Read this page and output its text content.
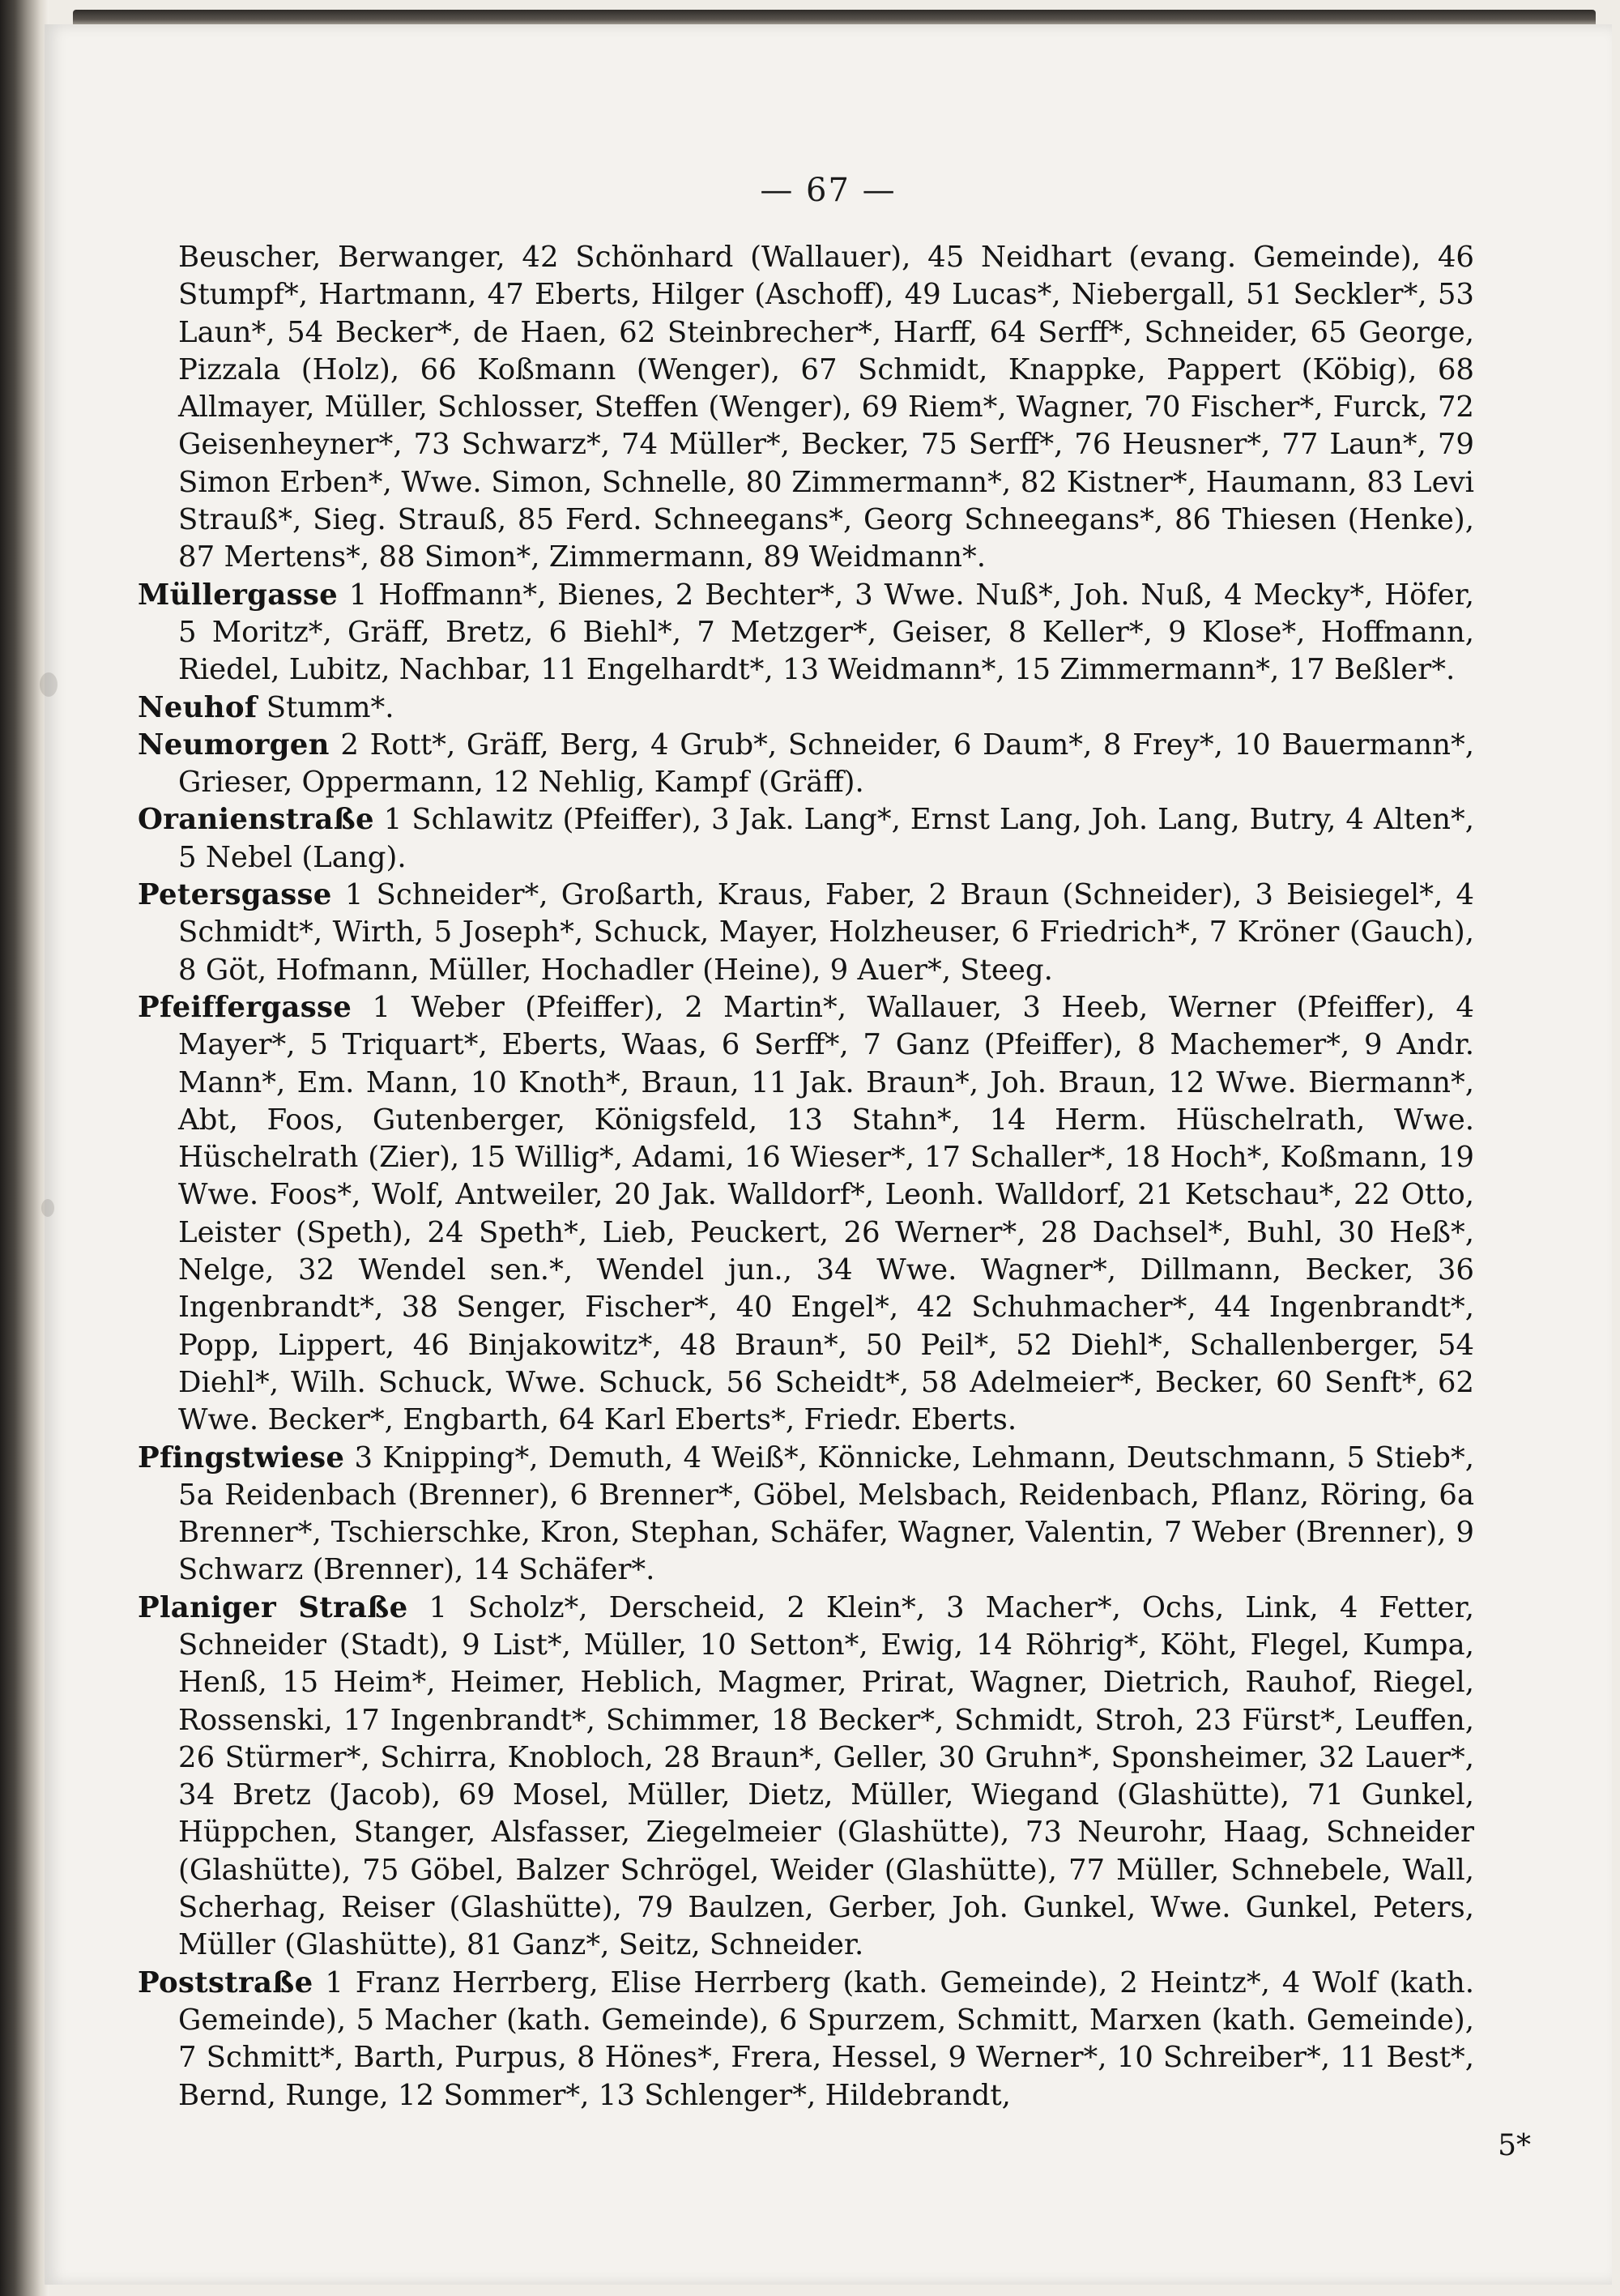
— 67 —

Beuscher, Berwanger, 42 Schönhard (Wallauer), 45 Neidhart (evang. Gemeinde), 46 Stumpf*, Hartmann, 47 Eberts, Hilger (Aschoff), 49 Lucas*, Niebergall, 51 Seckler*, 53 Laun*, 54 Becker*, de Haen, 62 Steinbrecher*, Harff, 64 Serff*, Schneider, 65 George, Pizzala (Holz), 66 Koßmann (Wenger), 67 Schmidt, Knappke, Pappert (Köbig), 68 Allmayer, Müller, Schlosser, Steffen (Wenger), 69 Riem*, Wagner, 70 Fischer*, Furck, 72 Geisenheyner*, 73 Schwarz*, 74 Müller*, Becker, 75 Serff*, 76 Heusner*, 77 Laun*, 79 Simon Erben*, Wwe. Simon, Schnelle, 80 Zimmermann*, 82 Kistner*, Haumann, 83 Levi Strauß*, Sieg. Strauß, 85 Ferd. Schneegans*, Georg Schneegans*, 86 Thiesen (Henke), 87 Mertens*, 88 Simon*, Zimmermann, 89 Weidmann*.

Müllergasse 1 Hoffmann*, Bienes, 2 Bechter*, 3 Wwe. Nuß*, Joh. Nuß, 4 Mecky*, Höfer, 5 Moritz*, Gräff, Bretz, 6 Biehl*, 7 Metzger*, Geiser, 8 Keller*, 9 Klose*, Hoffmann, Riedel, Lubitz, Nachbar, 11 Engelhardt*, 13 Weidmann*, 15 Zimmermann*, 17 Beßler*.

Neuhof Stumm*.

Neumorgen 2 Rott*, Gräff, Berg, 4 Grub*, Schneider, 6 Daum*, 8 Frey*, 10 Bauermann*, Grieser, Oppermann, 12 Nehlig, Kampf (Gräff).

Oranienstraße 1 Schlawitz (Pfeiffer), 3 Jak. Lang*, Ernst Lang, Joh. Lang, Butry, 4 Alten*, 5 Nebel (Lang).

Petersgasse 1 Schneider*, Großarth, Kraus, Faber, 2 Braun (Schneider), 3 Beisiegel*, 4 Schmidt*, Wirth, 5 Joseph*, Schuck, Mayer, Holzheuser, 6 Friedrich*, 7 Kröner (Gauch), 8 Göt, Hofmann, Müller, Hochadler (Heine), 9 Auer*, Steeg.

Pfeiffergasse 1 Weber (Pfeiffer), 2 Martin*, Wallauer, 3 Heeb, Werner (Pfeiffer), 4 Mayer*, 5 Triquart*, Eberts, Waas, 6 Serff*, 7 Ganz (Pfeiffer), 8 Machemer*, 9 Andr. Mann*, Em. Mann, 10 Knoth*, Braun, 11 Jak. Braun*, Joh. Braun, 12 Wwe. Biermann*, Abt, Foos, Gutenberger, Königsfeld, 13 Stahn*, 14 Herm. Hüschelrath, Wwe. Hüschelrath (Zier), 15 Willig*, Adami, 16 Wieser*, 17 Schaller*, 18 Hoch*, Koßmann, 19 Wwe. Foos*, Wolf, Antweiler, 20 Jak. Walldorf*, Leonh. Walldorf, 21 Ketschau*, 22 Otto, Leister (Speth), 24 Speth*, Lieb, Peuckert, 26 Werner*, 28 Dachsel*, Buhl, 30 Heß*, Nelge, 32 Wendel sen.*, Wendel jun., 34 Wwe. Wagner*, Dillmann, Becker, 36 Ingenbrandt*, 38 Senger, Fischer*, 40 Engel*, 42 Schuhmacher*, 44 Ingenbrandt*, Popp, Lippert, 46 Binjakowitz*, 48 Braun*, 50 Peil*, 52 Diehl*, Schallenberger, 54 Diehl*, Wilh. Schuck, Wwe. Schuck, 56 Scheidt*, 58 Adelmeier*, Becker, 60 Senft*, 62 Wwe. Becker*, Engbarth, 64 Karl Eberts*, Friedr. Eberts.

Pfingstwiese 3 Knipping*, Demuth, 4 Weiß*, Könnicke, Lehmann, Deutschmann, 5 Stieb*, 5a Reidenbach (Brenner), 6 Brenner*, Göbel, Melsbach, Reidenbach, Pflanz, Röring, 6a Brenner*, Tschierschke, Kron, Stephan, Schäfer, Wagner, Valentin, 7 Weber (Brenner), 9 Schwarz (Brenner), 14 Schäfer*.

Planiger Straße 1 Scholz*, Derscheid, 2 Klein*, 3 Macher*, Ochs, Link, 4 Fetter, Schneider (Stadt), 9 List*, Müller, 10 Setton*, Ewig, 14 Röhrig*, Köht, Flegel, Kumpa, Henß, 15 Heim*, Heimer, Heblich, Magmer, Prirat, Wagner, Dietrich, Rauhof, Riegel, Rossenski, 17 Ingenbrandt*, Schimmer, 18 Becker*, Schmidt, Stroh, 23 Fürst*, Leuffen, 26 Stürmer*, Schirra, Knobloch, 28 Braun*, Geller, 30 Gruhn*, Sponsheimer, 32 Lauer*, 34 Bretz (Jacob), 69 Mosel, Müller, Dietz, Müller, Wiegand (Glashütte), 71 Gunkel, Hüppchen, Stanger, Alsfasser, Ziegelmeier (Glashütte), 73 Neurohr, Haag, Schneider (Glashütte), 75 Göbel, Balzer Schrögel, Weider (Glashütte), 77 Müller, Schnebele, Wall, Scherhag, Reiser (Glashütte), 79 Baulzen, Gerber, Joh. Gunkel, Wwe. Gunkel, Peters, Müller (Glashütte), 81 Ganz*, Seitz, Schneider.

Poststraße 1 Franz Herrberg, Elise Herrberg (kath. Gemeinde), 2 Heintz*, 4 Wolf (kath. Gemeinde), 5 Macher (kath. Gemeinde), 6 Spurzem, Schmitt, Marxen (kath. Gemeinde), 7 Schmitt*, Barth, Purpus, 8 Hönes*, Frera, Hessel, 9 Werner*, 10 Schreiber*, 11 Best*, Bernd, Runge, 12 Sommer*, 13 Schlenger*, Hildebrandt,

5*
